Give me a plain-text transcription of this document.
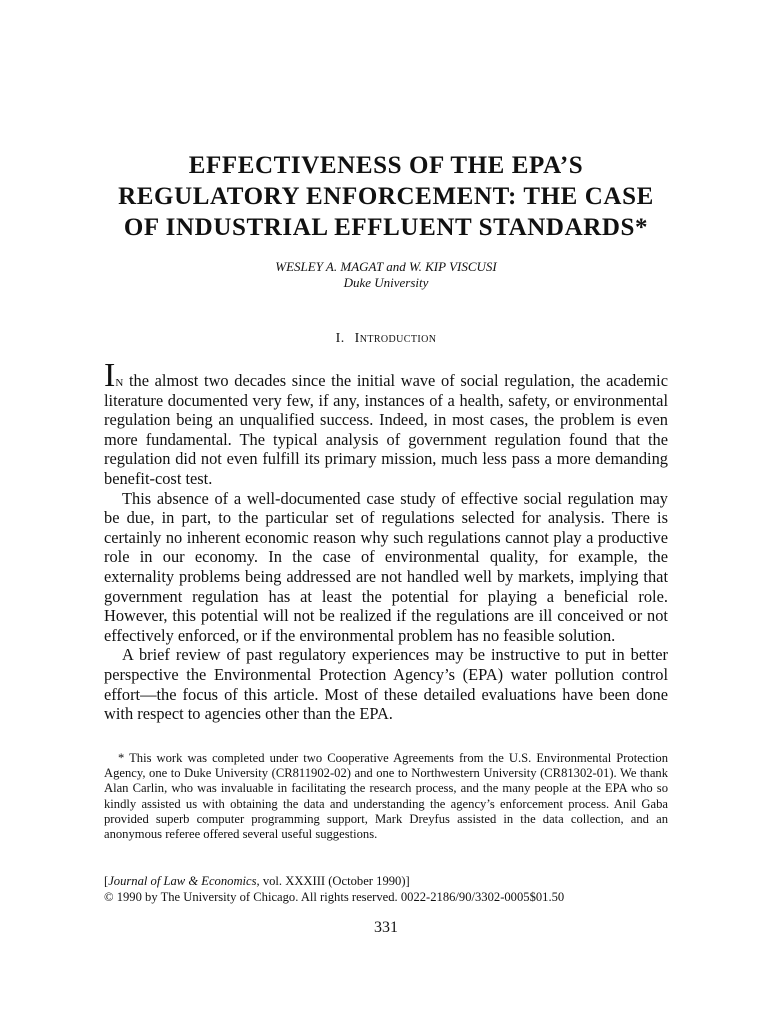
EFFECTIVENESS OF THE EPA’S
REGULATORY ENFORCEMENT: THE CASE
OF INDUSTRIAL EFFLUENT STANDARDS*
WESLEY A. MAGAT and W. KIP VISCUSI
Duke University
I. Introduction

In the almost two decades since the initial wave of social regulation, the academic literature documented very few, if any, instances of a health, safety, or environmental regulation being an unqualified success. Indeed, in most cases, the problem is even more fundamental. The typical analysis of government regulation found that the regulation did not even fulfill its primary mission, much less pass a more demanding benefit-cost test.

This absence of a well-documented case study of effective social regulation may be due, in part, to the particular set of regulations selected for analysis. There is certainly no inherent economic reason why such regulations cannot play a productive role in our economy. In the case of environmental quality, for example, the externality problems being addressed are not handled well by markets, implying that government regulation has at least the potential for playing a beneficial role. However, this potential will not be realized if the regulations are ill conceived or not effectively enforced, or if the environmental problem has no feasible solution.

A brief review of past regulatory experiences may be instructive to put in better perspective the Environmental Protection Agency’s (EPA) water pollution control effort—the focus of this article. Most of these detailed evaluations have been done with respect to agencies other than the EPA.

* This work was completed under two Cooperative Agreements from the U.S. Environmental Protection Agency, one to Duke University (CR811902-02) and one to Northwestern University (CR81302-01). We thank Alan Carlin, who was invaluable in facilitating the research process, and the many people at the EPA who so kindly assisted us with obtaining the data and understanding the agency’s enforcement process. Anil Gaba provided superb computer programming support, Mark Dreyfus assisted in the data collection, and an anonymous referee offered several useful suggestions.

[Journal of Law & Economics, vol. XXXIII (October 1990)]
© 1990 by The University of Chicago. All rights reserved. 0022-2186/90/3302-0005$01.50
331
